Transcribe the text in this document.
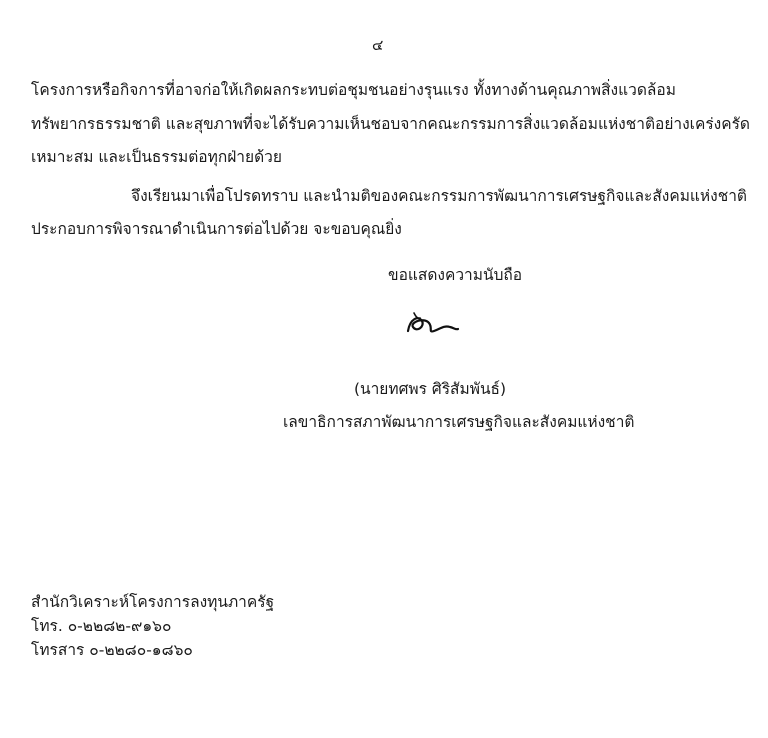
๔
โครงการหรือกิจการที่อาจก่อให้เกิดผลกระทบต่อชุมชนอย่างรุนแรง ทั้งทางด้านคุณภาพสิ่งแวดล้อม
ทรัพยากรธรรมชาติ และสุขภาพที่จะได้รับความเห็นชอบจากคณะกรรมการสิ่งแวดล้อมแห่งชาติอย่างเคร่งครัด
เหมาะสม และเป็นธรรมต่อทุกฝ่ายด้วย
จึงเรียนมาเพื่อโปรดทราบ และนำมติของคณะกรรมการพัฒนาการเศรษฐกิจและสังคมแห่งชาติ
ประกอบการพิจารณาดำเนินการต่อไปด้วย จะขอบคุณยิ่ง
ขอแสดงความนับถือ
(นายทศพร ศิริสัมพันธ์)
เลขาธิการสภาพัฒนาการเศรษฐกิจและสังคมแห่งชาติ
สำนักวิเคราะห์โครงการลงทุนภาครัฐ
โทร. ๐-๒๒๘๒-๙๑๖๐
โทรสาร ๐-๒๒๘๐-๑๘๖๐
